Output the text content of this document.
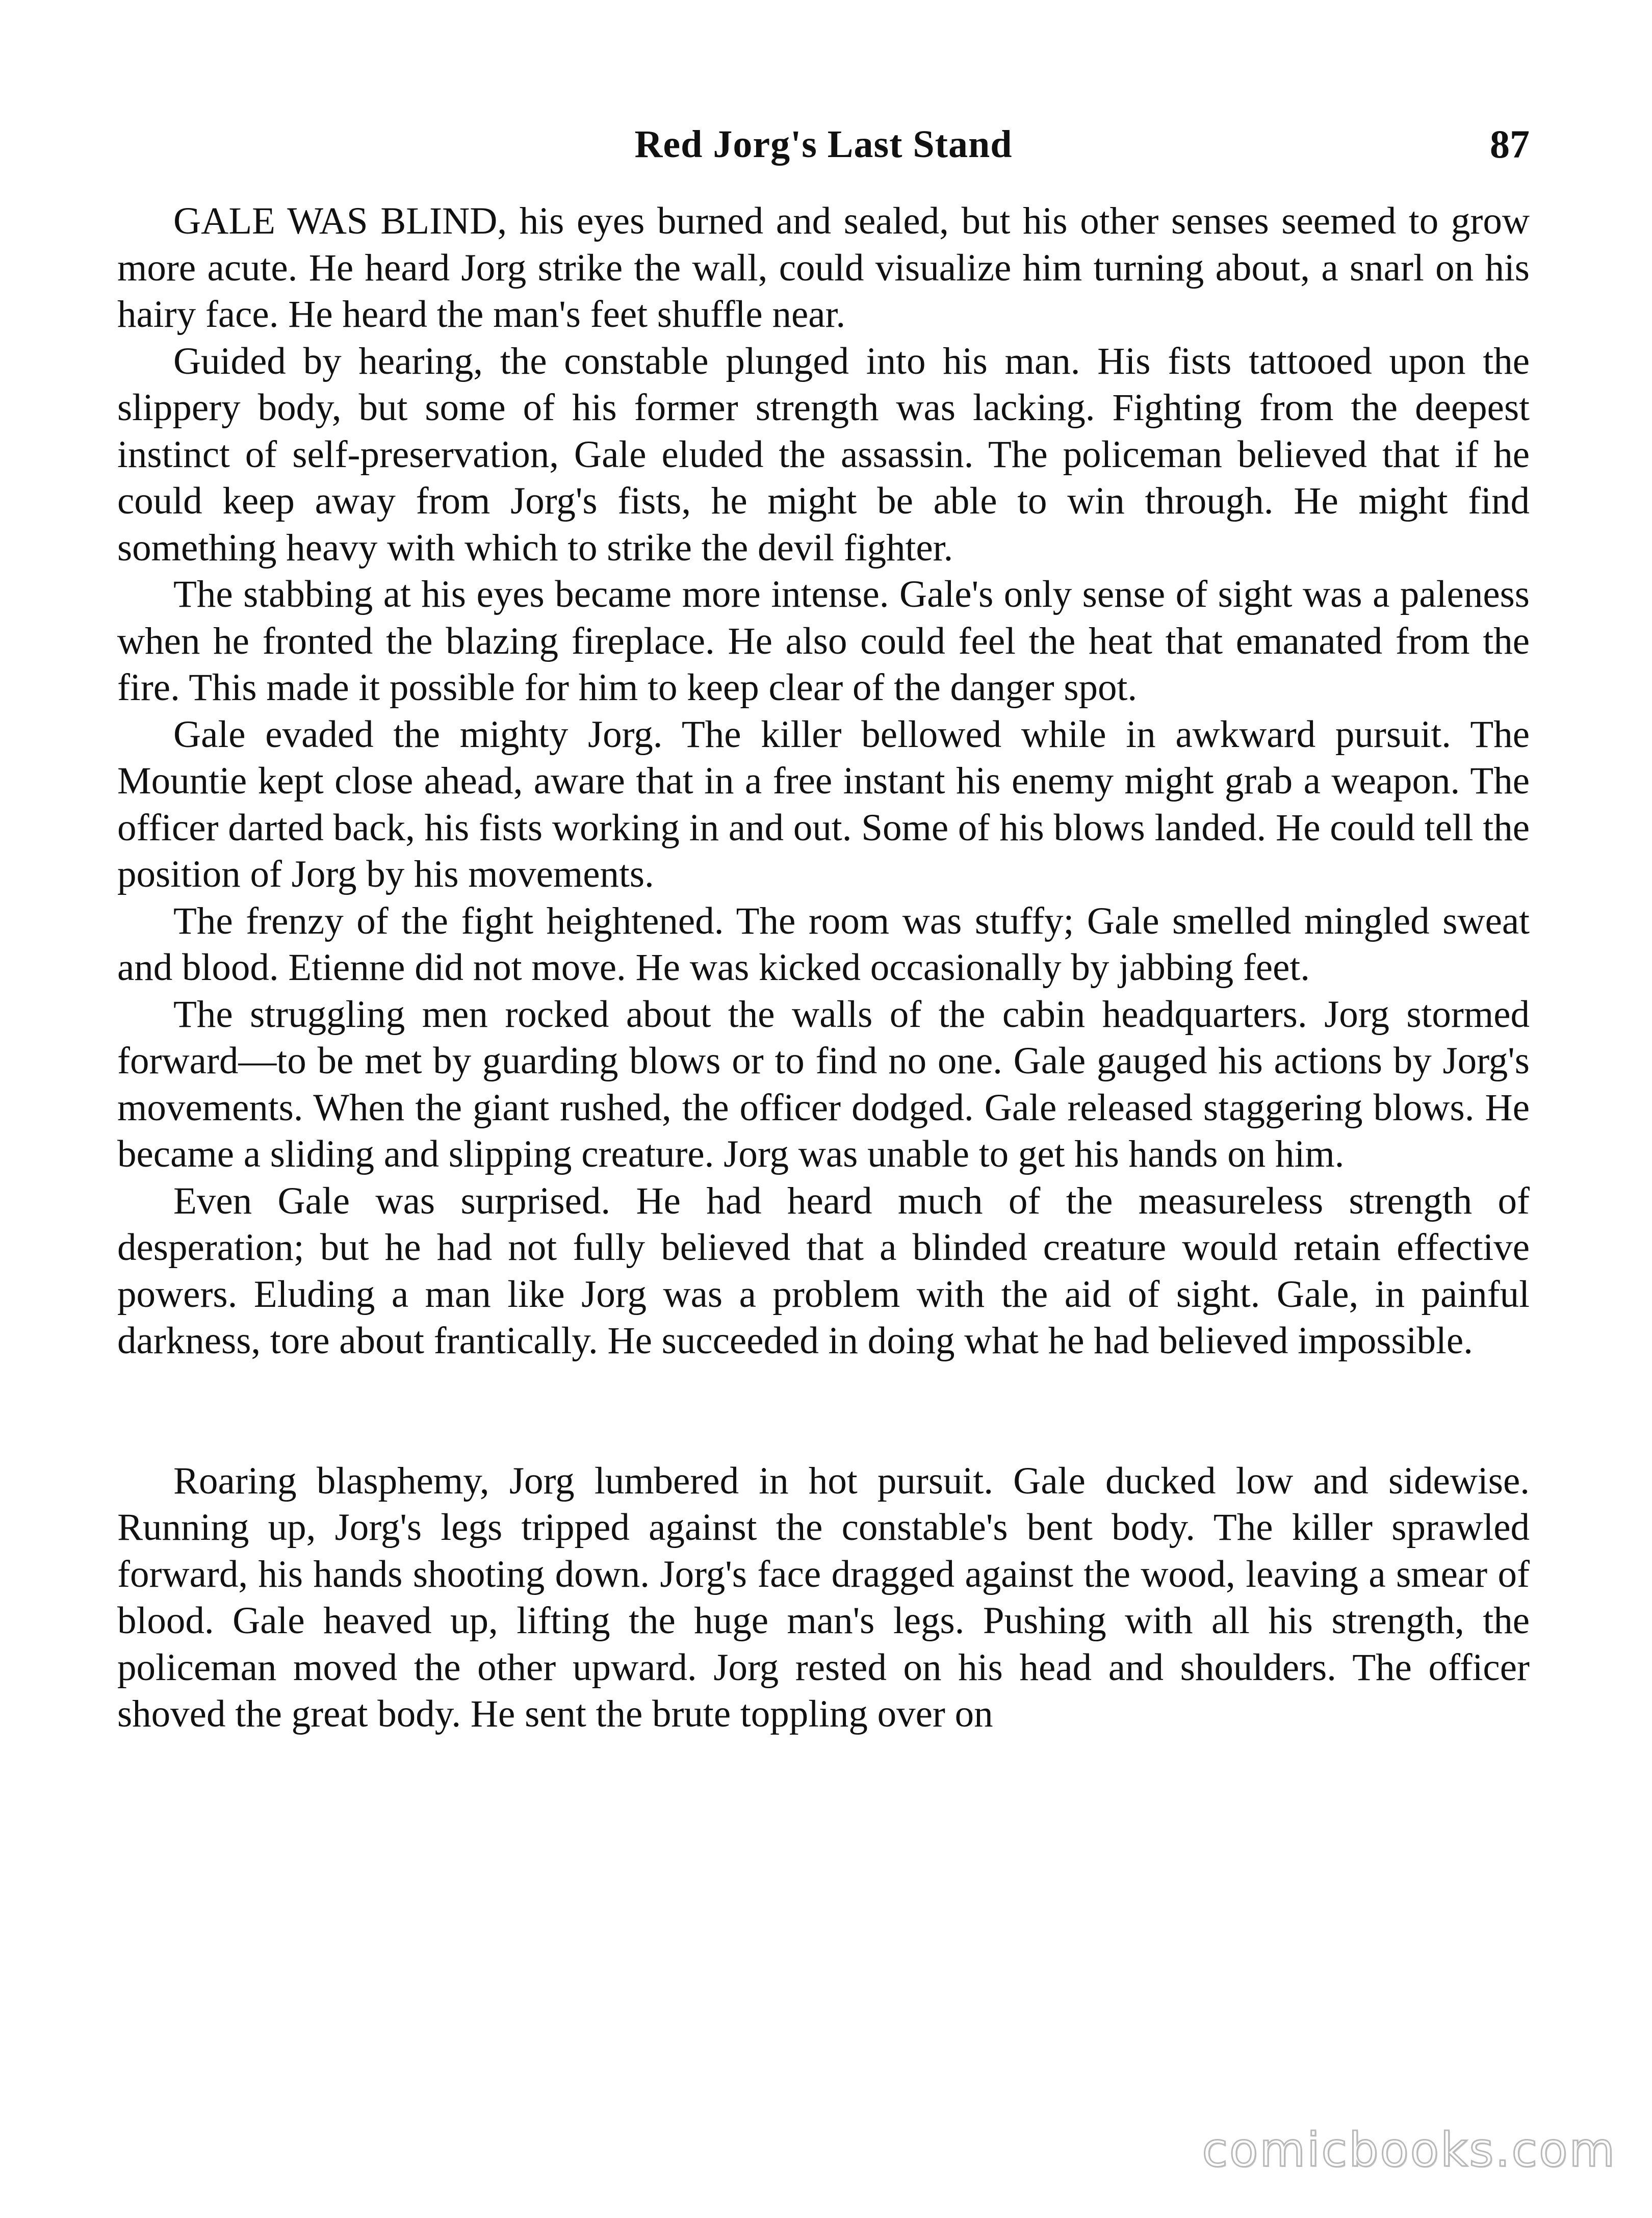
Red Jorg's Last Stand	87

GALE WAS BLIND, his eyes burned and sealed, but his other senses seemed to grow more acute. He heard Jorg strike the wall, could visualize him turning about, a snarl on his hairy face. He heard the man's feet shuffle near.

Guided by hearing, the constable plunged into his man. His fists tattooed upon the slippery body, but some of his former strength was lacking. Fighting from the deepest instinct of self-preservation, Gale eluded the assassin. The policeman believed that if he could keep away from Jorg's fists, he might be able to win through. He might find something heavy with which to strike the devil fighter.

The stabbing at his eyes became more intense. Gale's only sense of sight was a paleness when he fronted the blazing fireplace. He also could feel the heat that emanated from the fire. This made it possible for him to keep clear of the danger spot.

Gale evaded the mighty Jorg. The killer bellowed while in awkward pursuit. The Mountie kept close ahead, aware that in a free instant his enemy might grab a weapon. The officer darted back, his fists working in and out. Some of his blows landed. He could tell the position of Jorg by his movements.

The frenzy of the fight heightened. The room was stuffy; Gale smelled mingled sweat and blood. Etienne did not move. He was kicked occasionally by jabbing feet.

The struggling men rocked about the walls of the cabin headquarters. Jorg stormed forward—to be met by guarding blows or to find no one. Gale gauged his actions by Jorg's movements. When the giant rushed, the officer dodged. Gale released staggering blows. He became a sliding and slipping creature. Jorg was unable to get his hands on him.

Even Gale was surprised. He had heard much of the measureless strength of desperation; but he had not fully believed that a blinded creature would retain effective powers. Eluding a man like Jorg was a problem with the aid of sight. Gale, in painful darkness, tore about frantically. He succeeded in doing what he had believed impossible.

Roaring blasphemy, Jorg lumbered in hot pursuit. Gale ducked low and sidewise. Running up, Jorg's legs tripped against the constable's bent body. The killer sprawled forward, his hands shooting down. Jorg's face dragged against the wood, leaving a smear of blood. Gale heaved up, lifting the huge man's legs. Pushing with all his strength, the policeman moved the other upward. Jorg rested on his head and shoulders. The officer shoved the great body. He sent the brute toppling over on

comicbooks.com
